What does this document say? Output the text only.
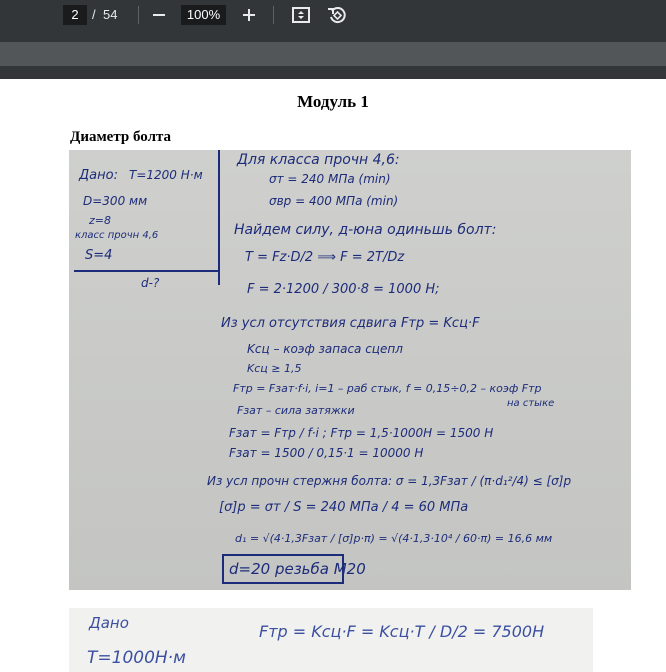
2	/ 54	100%
Модуль 1
Диаметр болта
Дано: T=1200 Н·м
D=300 мм
z=8
класс прочн 4,6
S=4
d-?
Для класса прочн 4,6:
σт = 240 МПа (min)
σвр = 400 МПа (min)
Найдем силу, д-юна одиньшь болт:
T = Fz·D/2 ⟹ F = 2T/Dz
F = 2·1200 / 300·8 = 1000 Н;
Из усл отсутствия сдвига Fтр = Kсц·F
Kсц – коэф запаса сцепл
Kсц ≥ 1,5
Fтр = Fзат·f·i, i=1 – раб стык, f = 0,15÷0,2 – коэф Fтр
на стыке
Fзат – сила затяжки
Fзат = Fтр / f·i ; Fтр = 1,5·1000Н = 1500 Н
Fзат = 1500 / 0,15·1 = 10000 Н
Из усл прочн стержня болта: σ = 1,3Fзат / (π·d₁²/4) ≤ [σ]р
[σ]р = σт / S = 240 МПа / 4 = 60 МПа
d₁ = √(4·1,3Fзат / [σ]р·π) = √(4·1,3·10⁴ / 60·π) = 16,6 мм
d=20 резьба М20
Дано
T=1000Н·м
Fтр = Kсц·F = Kсц·T / D/2 = 7500Н
